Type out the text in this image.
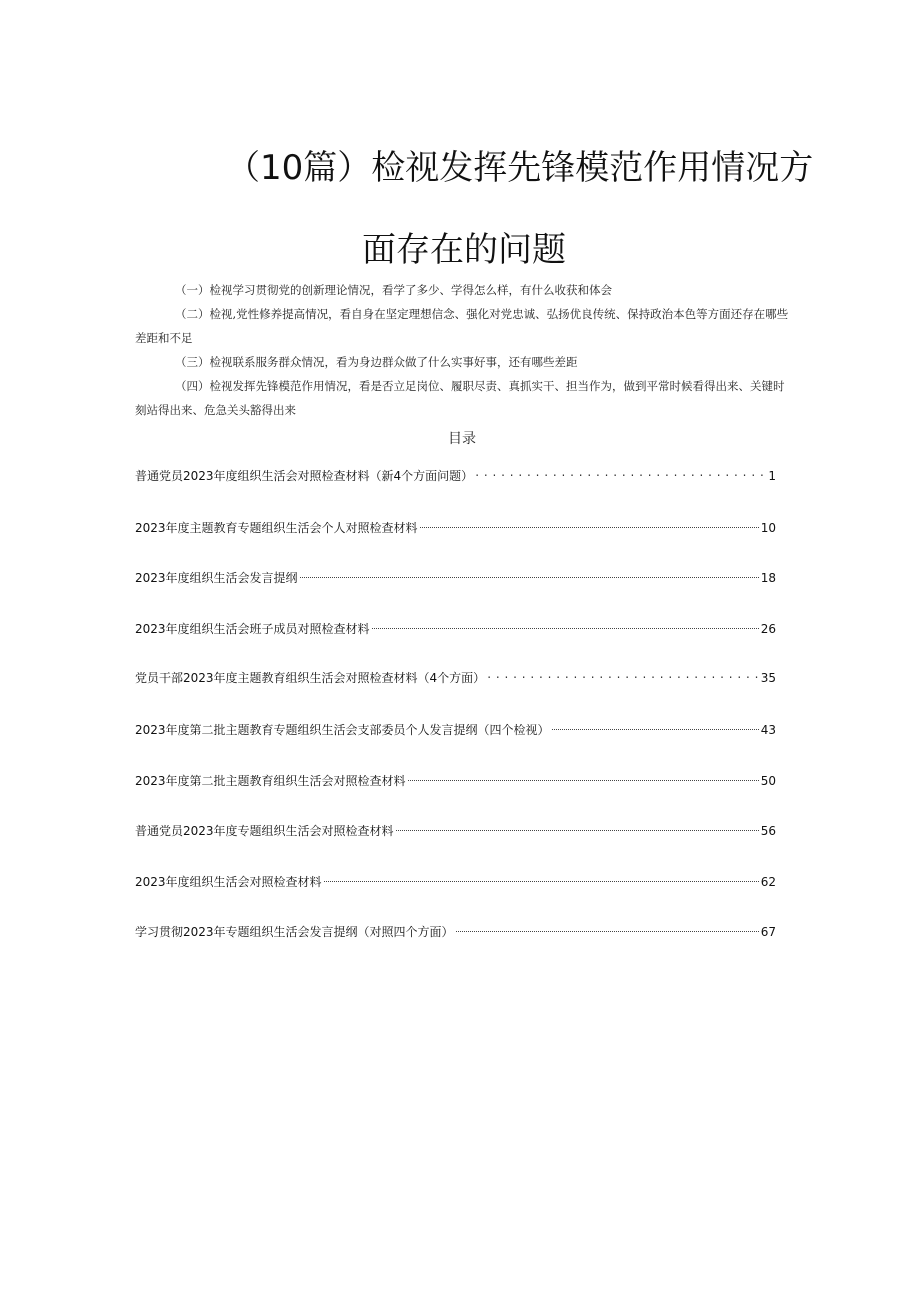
（10篇）检视发挥先锋模范作用情况方
面存在的问题

（一）检视学习贯彻党的创新理论情况，看学了多少、学得怎么样，有什么收获和体会

（二）检视,党性修养提高情况，看自身在坚定理想信念、强化对党忠诚、弘扬优良传统、保持政治本色等方面还存在哪些差距和不足

（三）检视联系服务群众情况，看为身边群众做了什么实事好事，还有哪些差距

（四）检视发挥先锋模范作用情况，看是否立足岗位、履职尽责、真抓实干、担当作为，做到平常时候看得出来、关键时刻站得出来、危急关头豁得出来

目录
普通党员2023年度组织生活会对照检查材料（新4个方面问题） . . .	1
2023年度主题教育专题组织生活会个人对照检查材料	10
2023年度组织生活会发言提纲	18
2023年度组织生活会班子成员对照检查材料	26
党员干部2023年度主题教育组织生活会对照检查材料（4个方面） . . .	35
2023年度第二批主题教育专题组织生活会支部委员个人发言提纲（四个检视）	43
2023年度第二批主题教育组织生活会对照检查材料	50
普通党员2023年度专题组织生活会对照检查材料	56
2023年度组织生活会对照检查材料	62
学习贯彻2023年专题组织生活会发言提纲（对照四个方面）	67
